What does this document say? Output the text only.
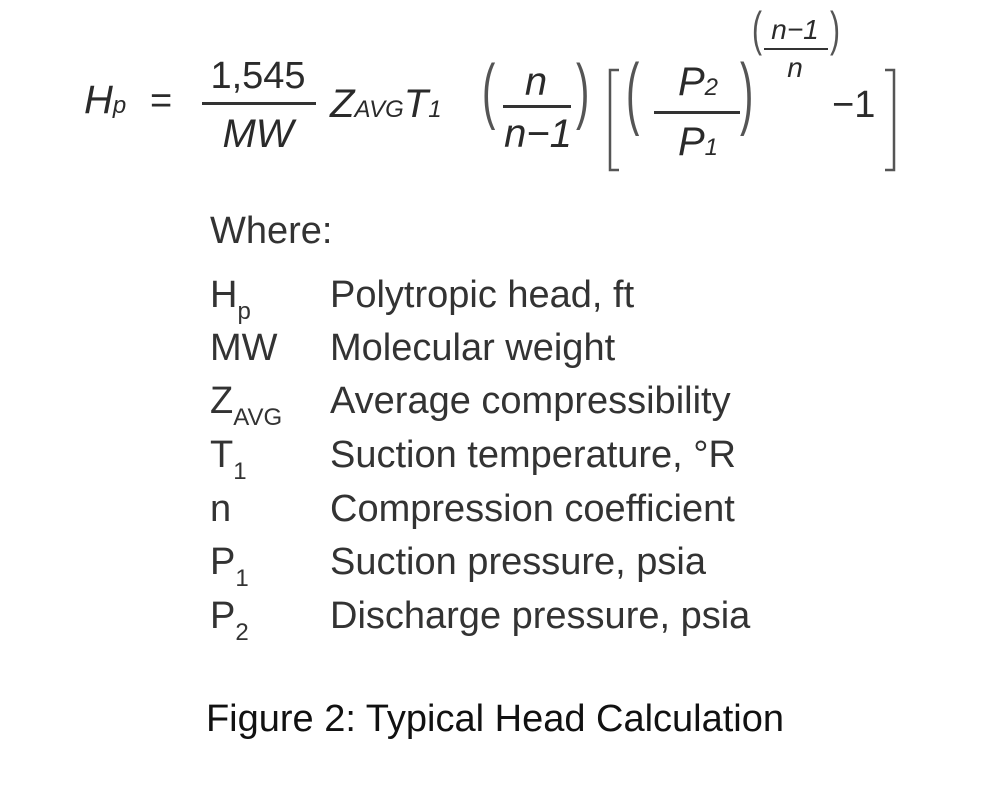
Hp =
1,545
MW
ZAVGT1 ( n
n−1
) ( P2
P1
)
( n−1
n
)
−1
Where:
$H_p$ Polytropic head, ft
MW Molecular weight
$Z_{AVG}$ Average compressibility
$T_1$ Suction temperature, °R
n	Compression coefficient
$P_1$ Suction pressure, psia
$P_2$ Discharge pressure, psia
Figure 2: Typical Head Calculation
